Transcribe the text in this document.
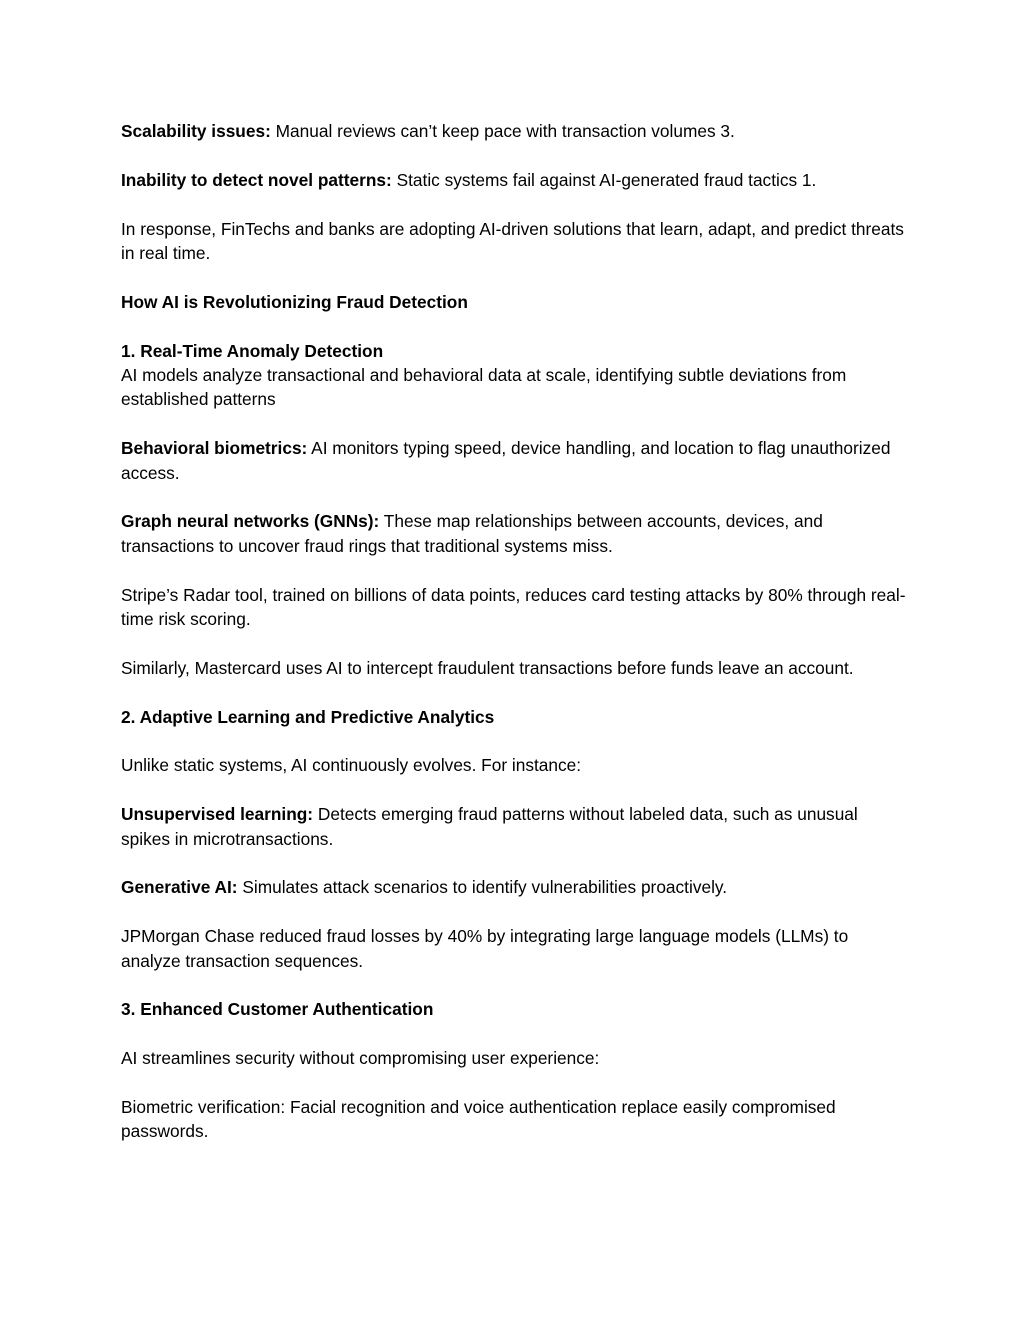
Scalability issues: Manual reviews can’t keep pace with transaction volumes 3.

Inability to detect novel patterns: Static systems fail against AI-generated fraud tactics 1.

In response, FinTechs and banks are adopting AI-driven solutions that learn, adapt, and predict threats in real time.

How AI is Revolutionizing Fraud Detection

1. Real-Time Anomaly Detection

AI models analyze transactional and behavioral data at scale, identifying subtle deviations from established patterns

Behavioral biometrics: AI monitors typing speed, device handling, and location to flag unauthorized access.

Graph neural networks (GNNs): These map relationships between accounts, devices, and transactions to uncover fraud rings that traditional systems miss.

Stripe’s Radar tool, trained on billions of data points, reduces card testing attacks by 80% through real-time risk scoring.

Similarly, Mastercard uses AI to intercept fraudulent transactions before funds leave an account.

2. Adaptive Learning and Predictive Analytics

Unlike static systems, AI continuously evolves. For instance:

Unsupervised learning: Detects emerging fraud patterns without labeled data, such as unusual spikes in microtransactions.

Generative AI: Simulates attack scenarios to identify vulnerabilities proactively.

JPMorgan Chase reduced fraud losses by 40% by integrating large language models (LLMs) to analyze transaction sequences.

3. Enhanced Customer Authentication

AI streamlines security without compromising user experience:

Biometric verification: Facial recognition and voice authentication replace easily compromised passwords.
